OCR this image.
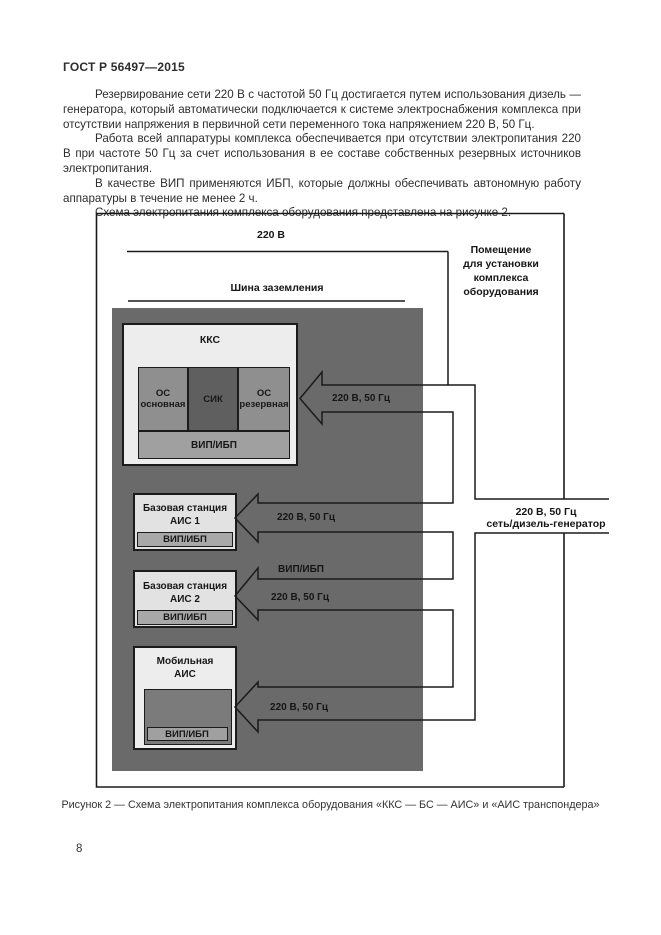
ГОСТ Р 56497—2015

Резервирование сети 220 В с частотой 50 Гц достигается путем использования дизель — генератора, который автоматически подключается к системе электроснабжения комплекса при отсутствии напряжения в первичной сети переменного тока напряжением 220 В, 50 Гц.

Работа всей аппаратуры комплекса обеспечивается при отсутствии электропитания 220 В при частоте 50 Гц за счет использования в ее составе собственных резервных источников электропитания.

В качестве ВИП применяются ИБП, которые должны обеспечивать автономную работу аппаратуры в течение не менее 2 ч.

Схема электропитания комплекса оборудования представлена на рисунке 2.

ККС
ОС
основная	СИК	ОС
резервная
ВИП/ИБП
Базовая станция
АИС 1
ВИП/ИБП
Базовая станция
АИС 2
ВИП/ИБП
Мобильная
АИС
ВИП/ИБП
220 В
Помещение
для установки
комплекса
оборудования
Шина заземления
220 В, 50 Гц
220 В, 50 Гц
ВИП/ИБП
220 В, 50 Гц
220 В, 50 Гц
220 В, 50 Гц
сеть/дизель-генератор
Рисунок 2 — Схема электропитания комплекса оборудования «ККС — БС — АИС» и «АИС транспондера»
8
